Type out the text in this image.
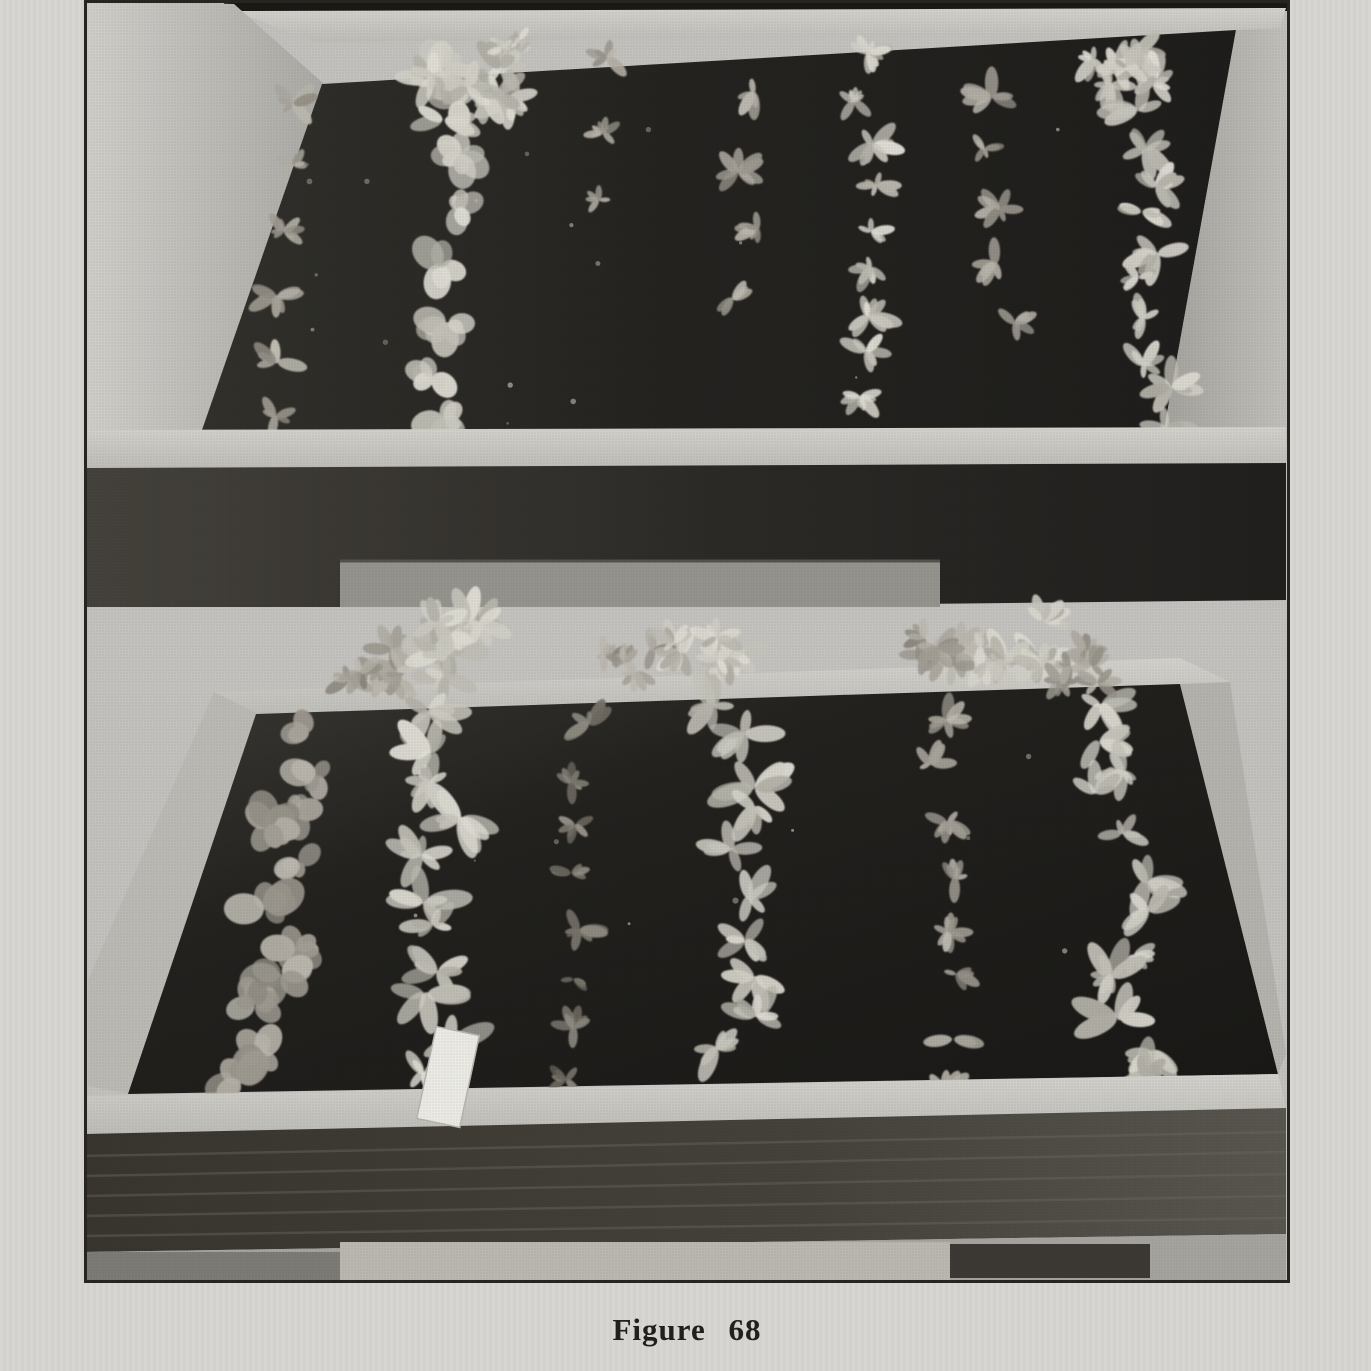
Figure 68
